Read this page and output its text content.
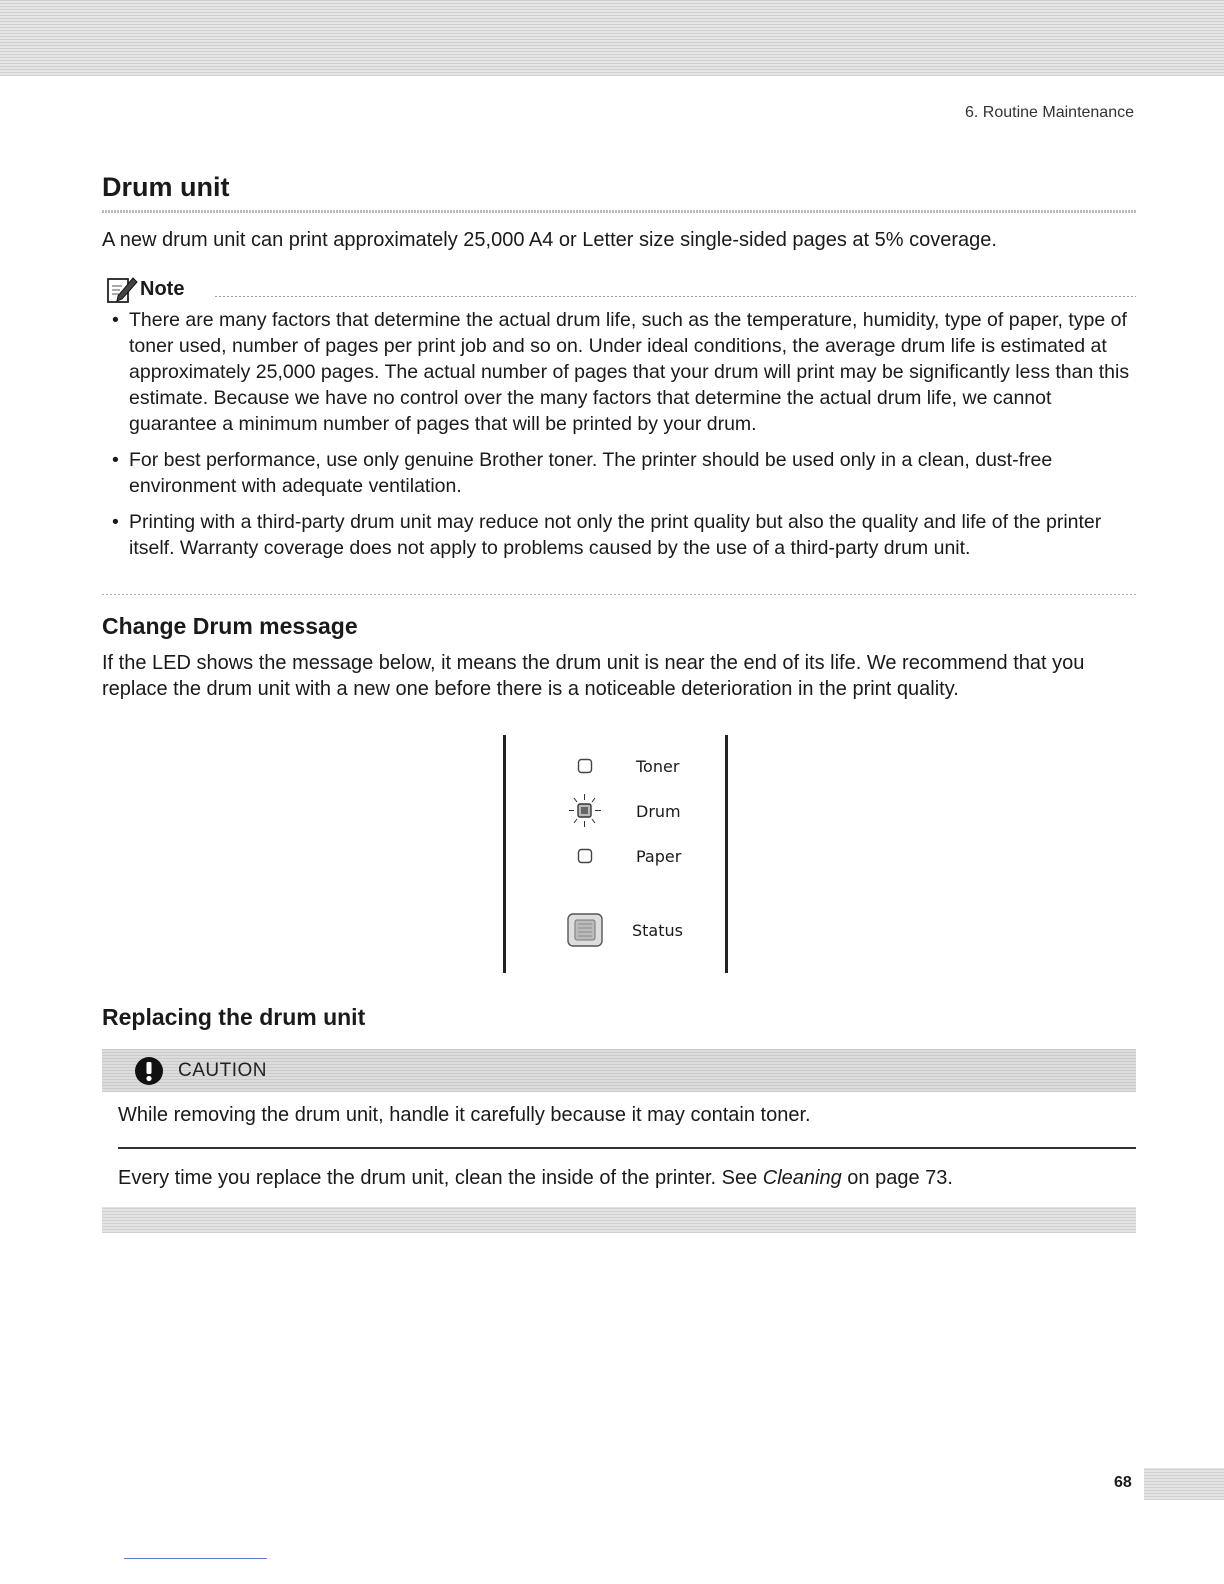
6. Routine Maintenance
Drum unit

A new drum unit can print approximately 25,000 A4 or Letter size single-sided pages at 5% coverage.

Note
• There are many factors that determine the actual drum life, such as the temperature, humidity, type of paper, type of toner used, number of pages per print job and so on. Under ideal conditions, the average drum life is estimated at approximately 25,000 pages. The actual number of pages that your drum will print may be significantly less than this estimate. Because we have no control over the many factors that determine the actual drum life, we cannot guarantee a minimum number of pages that will be printed by your drum.
• For best performance, use only genuine Brother toner. The printer should be used only in a clean, dust-free environment with adequate ventilation.
• Printing with a third-party drum unit may reduce not only the print quality but also the quality and life of the printer itself. Warranty coverage does not apply to problems caused by the use of a third-party drum unit.
Change Drum message

If the LED shows the message below, it means the drum unit is near the end of its life. We recommend that you replace the drum unit with a new one before there is a noticeable deterioration in the print quality.

Toner
Drum
Paper
Status
Replacing the drum unit
CAUTION

While removing the drum unit, handle it carefully because it may contain toner.

Every time you replace the drum unit, clean the inside of the printer. See Cleaning on page 73.

68
